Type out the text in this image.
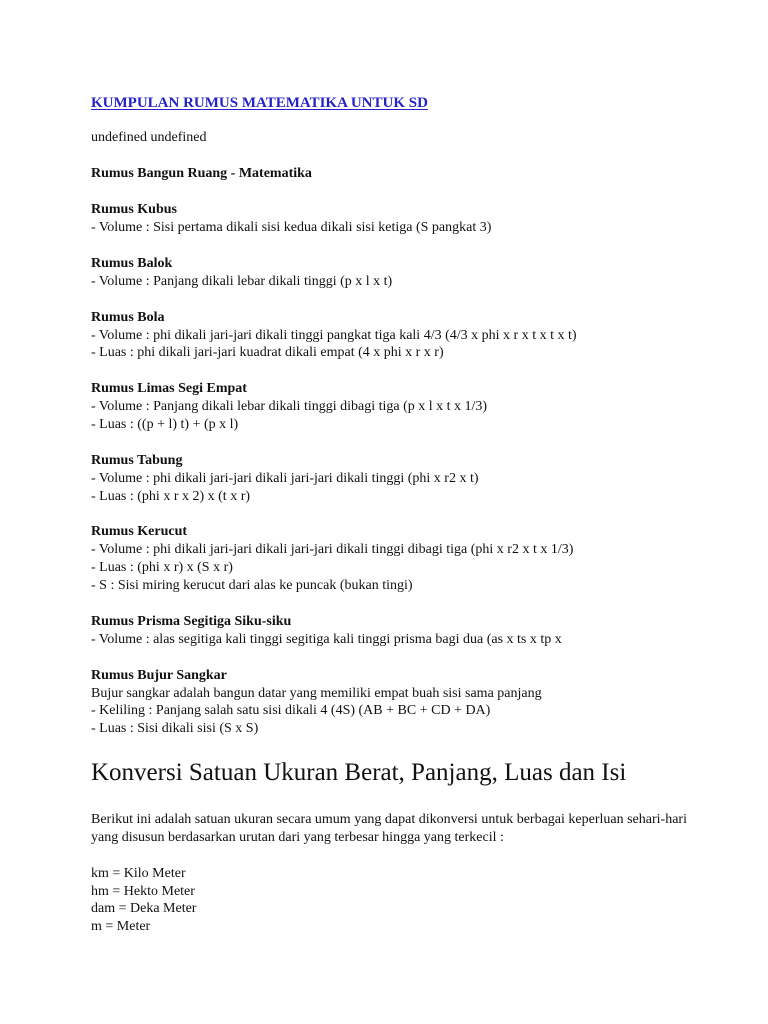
KUMPULAN RUMUS MATEMATIKA UNTUK SD
undefined undefined
Rumus Bangun Ruang - Matematika
Rumus Kubus
- Volume : Sisi pertama dikali sisi kedua dikali sisi ketiga (S pangkat 3)
Rumus Balok
- Volume : Panjang dikali lebar dikali tinggi (p x l x t)
Rumus Bola
- Volume : phi dikali jari-jari dikali tinggi pangkat tiga kali 4/3 (4/3 x phi x r x t x t x t)
- Luas : phi dikali jari-jari kuadrat dikali empat (4 x phi x r x r)
Rumus Limas Segi Empat
- Volume : Panjang dikali lebar dikali tinggi dibagi tiga (p x l x t x 1/3)
- Luas : ((p + l) t) + (p x l)
Rumus Tabung
- Volume : phi dikali jari-jari dikali jari-jari dikali tinggi (phi x r2 x t)
- Luas : (phi x r x 2) x (t x r)
Rumus Kerucut
- Volume : phi dikali jari-jari dikali jari-jari dikali tinggi dibagi tiga (phi x r2 x t x 1/3)
- Luas : (phi x r) x (S x r)
- S : Sisi miring kerucut dari alas ke puncak (bukan tingi)
Rumus Prisma Segitiga Siku-siku
- Volume : alas segitiga kali tinggi segitiga kali tinggi prisma bagi dua (as x ts x tp x
Rumus Bujur Sangkar
Bujur sangkar adalah bangun datar yang memiliki empat buah sisi sama panjang
- Keliling : Panjang salah satu sisi dikali 4 (4S) (AB + BC + CD + DA)
- Luas : Sisi dikali sisi (S x S)
Konversi Satuan Ukuran Berat, Panjang, Luas dan Isi
Berikut ini adalah satuan ukuran secara umum yang dapat dikonversi untuk berbagai keperluan sehari-hari yang disusun berdasarkan urutan dari yang terbesar hingga yang terkecil :
km = Kilo Meter
hm = Hekto Meter
dam = Deka Meter
m = Meter
